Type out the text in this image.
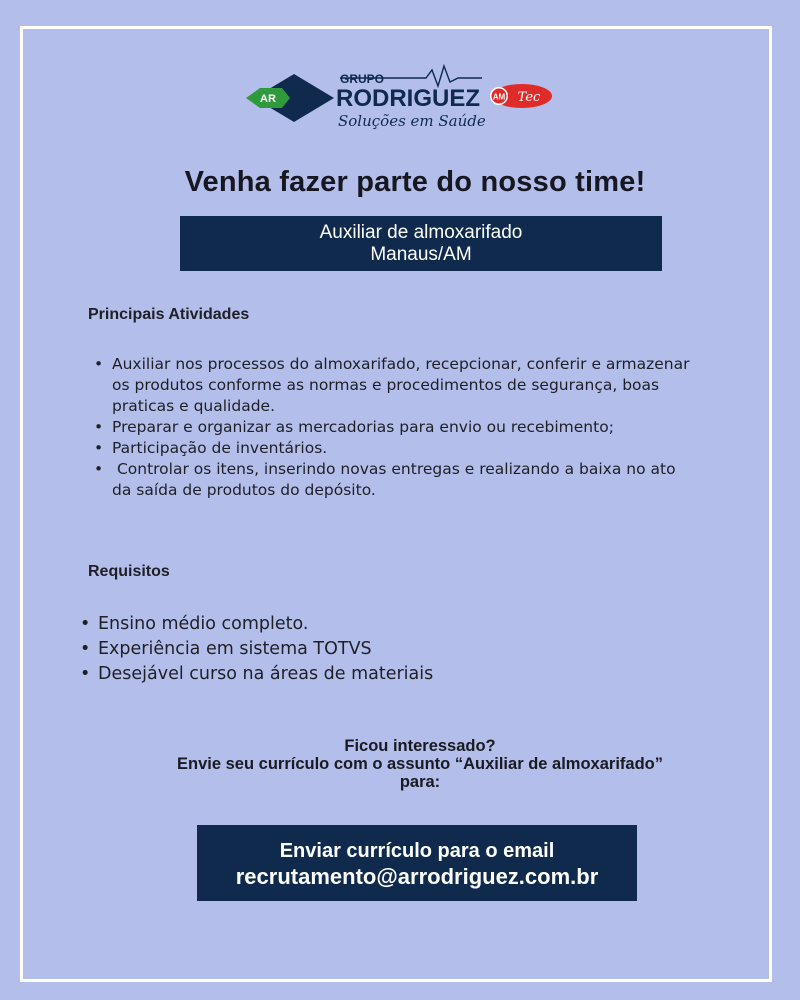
AR
GRUPO
RODRIGUEZ
Soluções em Saúde
AM Tec
Venha fazer parte do nosso time!
Auxiliar de almoxarifado
Manaus/AM
Principais Atividades
• Auxiliar nos processos do almoxarifado, recepcionar, conferir e armazenar os produtos conforme as normas e procedimentos de segurança, boas praticas e qualidade.
• Preparar e organizar as mercadorias para envio ou recebimento;
• Participação de inventários.
•  Controlar os itens, inserindo novas entregas e realizando a baixa no ato da saída de produtos do depósito.
Requisitos
• Ensino médio completo.
• Experiência em sistema TOTVS
• Desejável curso na áreas de materiais
Ficou interessado?
Envie seu currículo com o assunto “Auxiliar de almoxarifado”
para:
Enviar currículo para o email
recrutamento@arrodriguez.com.br
